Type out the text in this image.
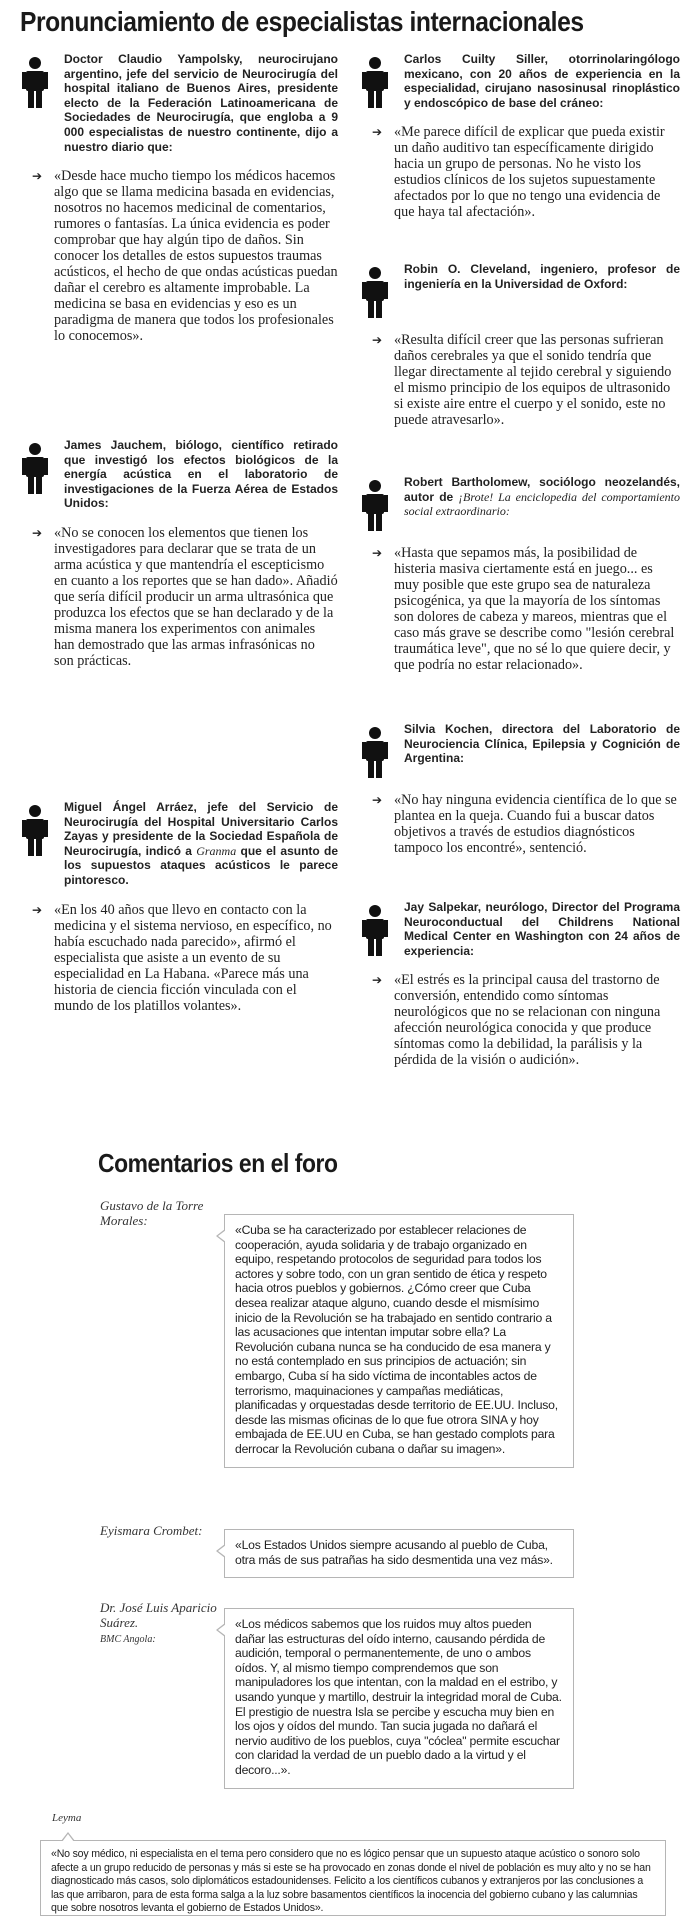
Pronunciamiento de especialistas internacionales

Doctor Claudio Yampolsky, neurocirujano argentino, jefe del servicio de Neurocirugía del hospital italiano de Buenos Aires, presidente electo de la Federación Latinoamericana de Sociedades de Neurocirugía, que engloba a 9 000 especialistas de nuestro continente, dijo a nuestro diario que:

➔ «Desde hace mucho tiempo los médicos hacemos algo que se llama medicina basada en evidencias, nosotros no hacemos medicinal de comentarios, rumores o fantasías. La única evidencia es poder comprobar que hay algún tipo de daños. Sin conocer los detalles de estos supuestos traumas acústicos, el hecho de que ondas acústicas puedan dañar el cerebro es altamente improbable. La medicina se basa en evidencias y eso es un paradigma de manera que todos los profesionales lo conocemos».

James Jauchem, biólogo, científico retirado que investigó los efectos biológicos de la energía acústica en el laboratorio de investigaciones de la Fuerza Aérea de Estados Unidos:

➔ «No se conocen los elementos que tienen los investigadores para declarar que se trata de un arma acústica y que mantendría el escepticismo en cuanto a los reportes que se han dado». Añadió que sería difícil producir un arma ultrasónica que produzca los efectos que se han declarado y de la misma manera los experimentos con animales han demostrado que las armas infrasónicas no son prácticas.

Miguel Ángel Arráez, jefe del Servicio de Neurocirugía del Hospital Universitario Carlos Zayas y presidente de la Sociedad Española de Neurocirugía, indicó a Granma que el asunto de los supuestos ataques acústicos le parece pintoresco.

➔ «En los 40 años que llevo en contacto con la medicina y el sistema nervioso, en específico, no había escuchado nada parecido», afirmó el especialista que asiste a un evento de su especialidad en La Habana. «Parece más una historia de ciencia ficción vinculada con el mundo de los platillos volantes».

Carlos Cuilty Siller, otorrinolaringólogo mexicano, con 20 años de experiencia en la especialidad, cirujano nasosinusal rinoplástico y endoscópico de base del cráneo:

➔ «Me parece difícil de explicar que pueda existir un daño auditivo tan específicamente dirigido hacia un grupo de personas. No he visto los estudios clínicos de los sujetos supuestamente afectados por lo que no tengo una evidencia de que haya tal afectación».

Robin O. Cleveland, ingeniero, profesor de ingeniería en la Universidad de Oxford:

➔ «Resulta difícil creer que las personas sufrieran daños cerebrales ya que el sonido tendría que llegar directamente al tejido cerebral y siguiendo el mismo principio de los equipos de ultrasonido si existe aire entre el cuerpo y el sonido, este no puede atravesarlo».

Robert Bartholomew, sociólogo neozelandés, autor de ¡Brote! La enciclopedia del comportamiento social extraordinario:

➔ «Hasta que sepamos más, la posibilidad de histeria masiva ciertamente está en juego... es muy posible que este grupo sea de naturaleza psicogénica, ya que la mayoría de los síntomas son dolores de cabeza y mareos, mientras que el caso más grave se describe como "lesión cerebral traumática leve", que no sé lo que quiere decir, y que podría no estar relacionado».

Silvia Kochen, directora del Laboratorio de Neurociencia Clínica, Epilepsia y Cognición de Argentina:

➔ «No hay ninguna evidencia científica de lo que se plantea en la queja. Cuando fui a buscar datos objetivos a través de estudios diagnósticos tampoco los encontré», sentenció.

Jay Salpekar, neurólogo, Director del Programa Neuroconductual del Childrens National Medical Center en Washington con 24 años de experiencia:

➔ «El estrés es la principal causa del trastorno de conversión, entendido como síntomas neurológicos que no se relacionan con ninguna afección neurológica conocida y que produce síntomas como la debilidad, la parálisis y la pérdida de la visión o audición».

Comentarios en el foro

Gustavo de la Torre Morales:

«Cuba se ha caracterizado por establecer relaciones de cooperación, ayuda solidaria y de trabajo organizado en equipo, respetando protocolos de seguridad para todos los actores y sobre todo, con un gran sentido de ética y respeto hacia otros pueblos y gobiernos. ¿Cómo creer que Cuba desea realizar ataque alguno, cuando desde el mismísimo inicio de la Revolución se ha trabajado en sentido contrario a las acusaciones que intentan imputar sobre ella? La Revolución cubana nunca se ha conducido de esa manera y no está contemplado en sus principios de actuación; sin embargo, Cuba sí ha sido víctima de incontables actos de terrorismo, maquinaciones y campañas mediáticas, planificadas y orquestadas desde territorio de EE.UU. Incluso, desde las mismas oficinas de lo que fue otrora SINA y hoy embajada de EE.UU en Cuba, se han gestado complots para derrocar la Revolución cubana o dañar su imagen».

Eyismara Crombet:

«Los Estados Unidos siempre acusando al pueblo de Cuba, otra más de sus patrañas ha sido desmentida una vez más».

Dr. José Luis Aparicio Suárez.
BMC Angola:

«Los médicos sabemos que los ruidos muy altos pueden dañar las estructuras del oído interno, causando pérdida de audición, temporal o permanentemente, de uno o ambos oídos. Y, al mismo tiempo comprendemos que son manipuladores los que intentan, con la maldad en el estribo, y usando yunque y martillo, destruir la integridad moral de Cuba. El prestigio de nuestra Isla se percibe y escucha muy bien en los ojos y oídos del mundo. Tan sucia jugada no dañará el nervio auditivo de los pueblos, cuya "cóclea" permite escuchar con claridad la verdad de un pueblo dado a la virtud y el decoro...».

Leyma

«No soy médico, ni especialista en el tema pero considero que no es lógico pensar que un supuesto ataque acústico o sonoro solo afecte a un grupo reducido de personas y más si este se ha provocado en zonas donde el nivel de población es muy alto y no se han diagnosticado más casos, solo diplomáticos estadounidenses. Felicito a los científicos cubanos y extranjeros por las conclusiones a las que arribaron, para de esta forma salga a la luz sobre basamentos científicos la inocencia del gobierno cubano y las calumnias que sobre nosotros levanta el gobierno de Estados Unidos».
